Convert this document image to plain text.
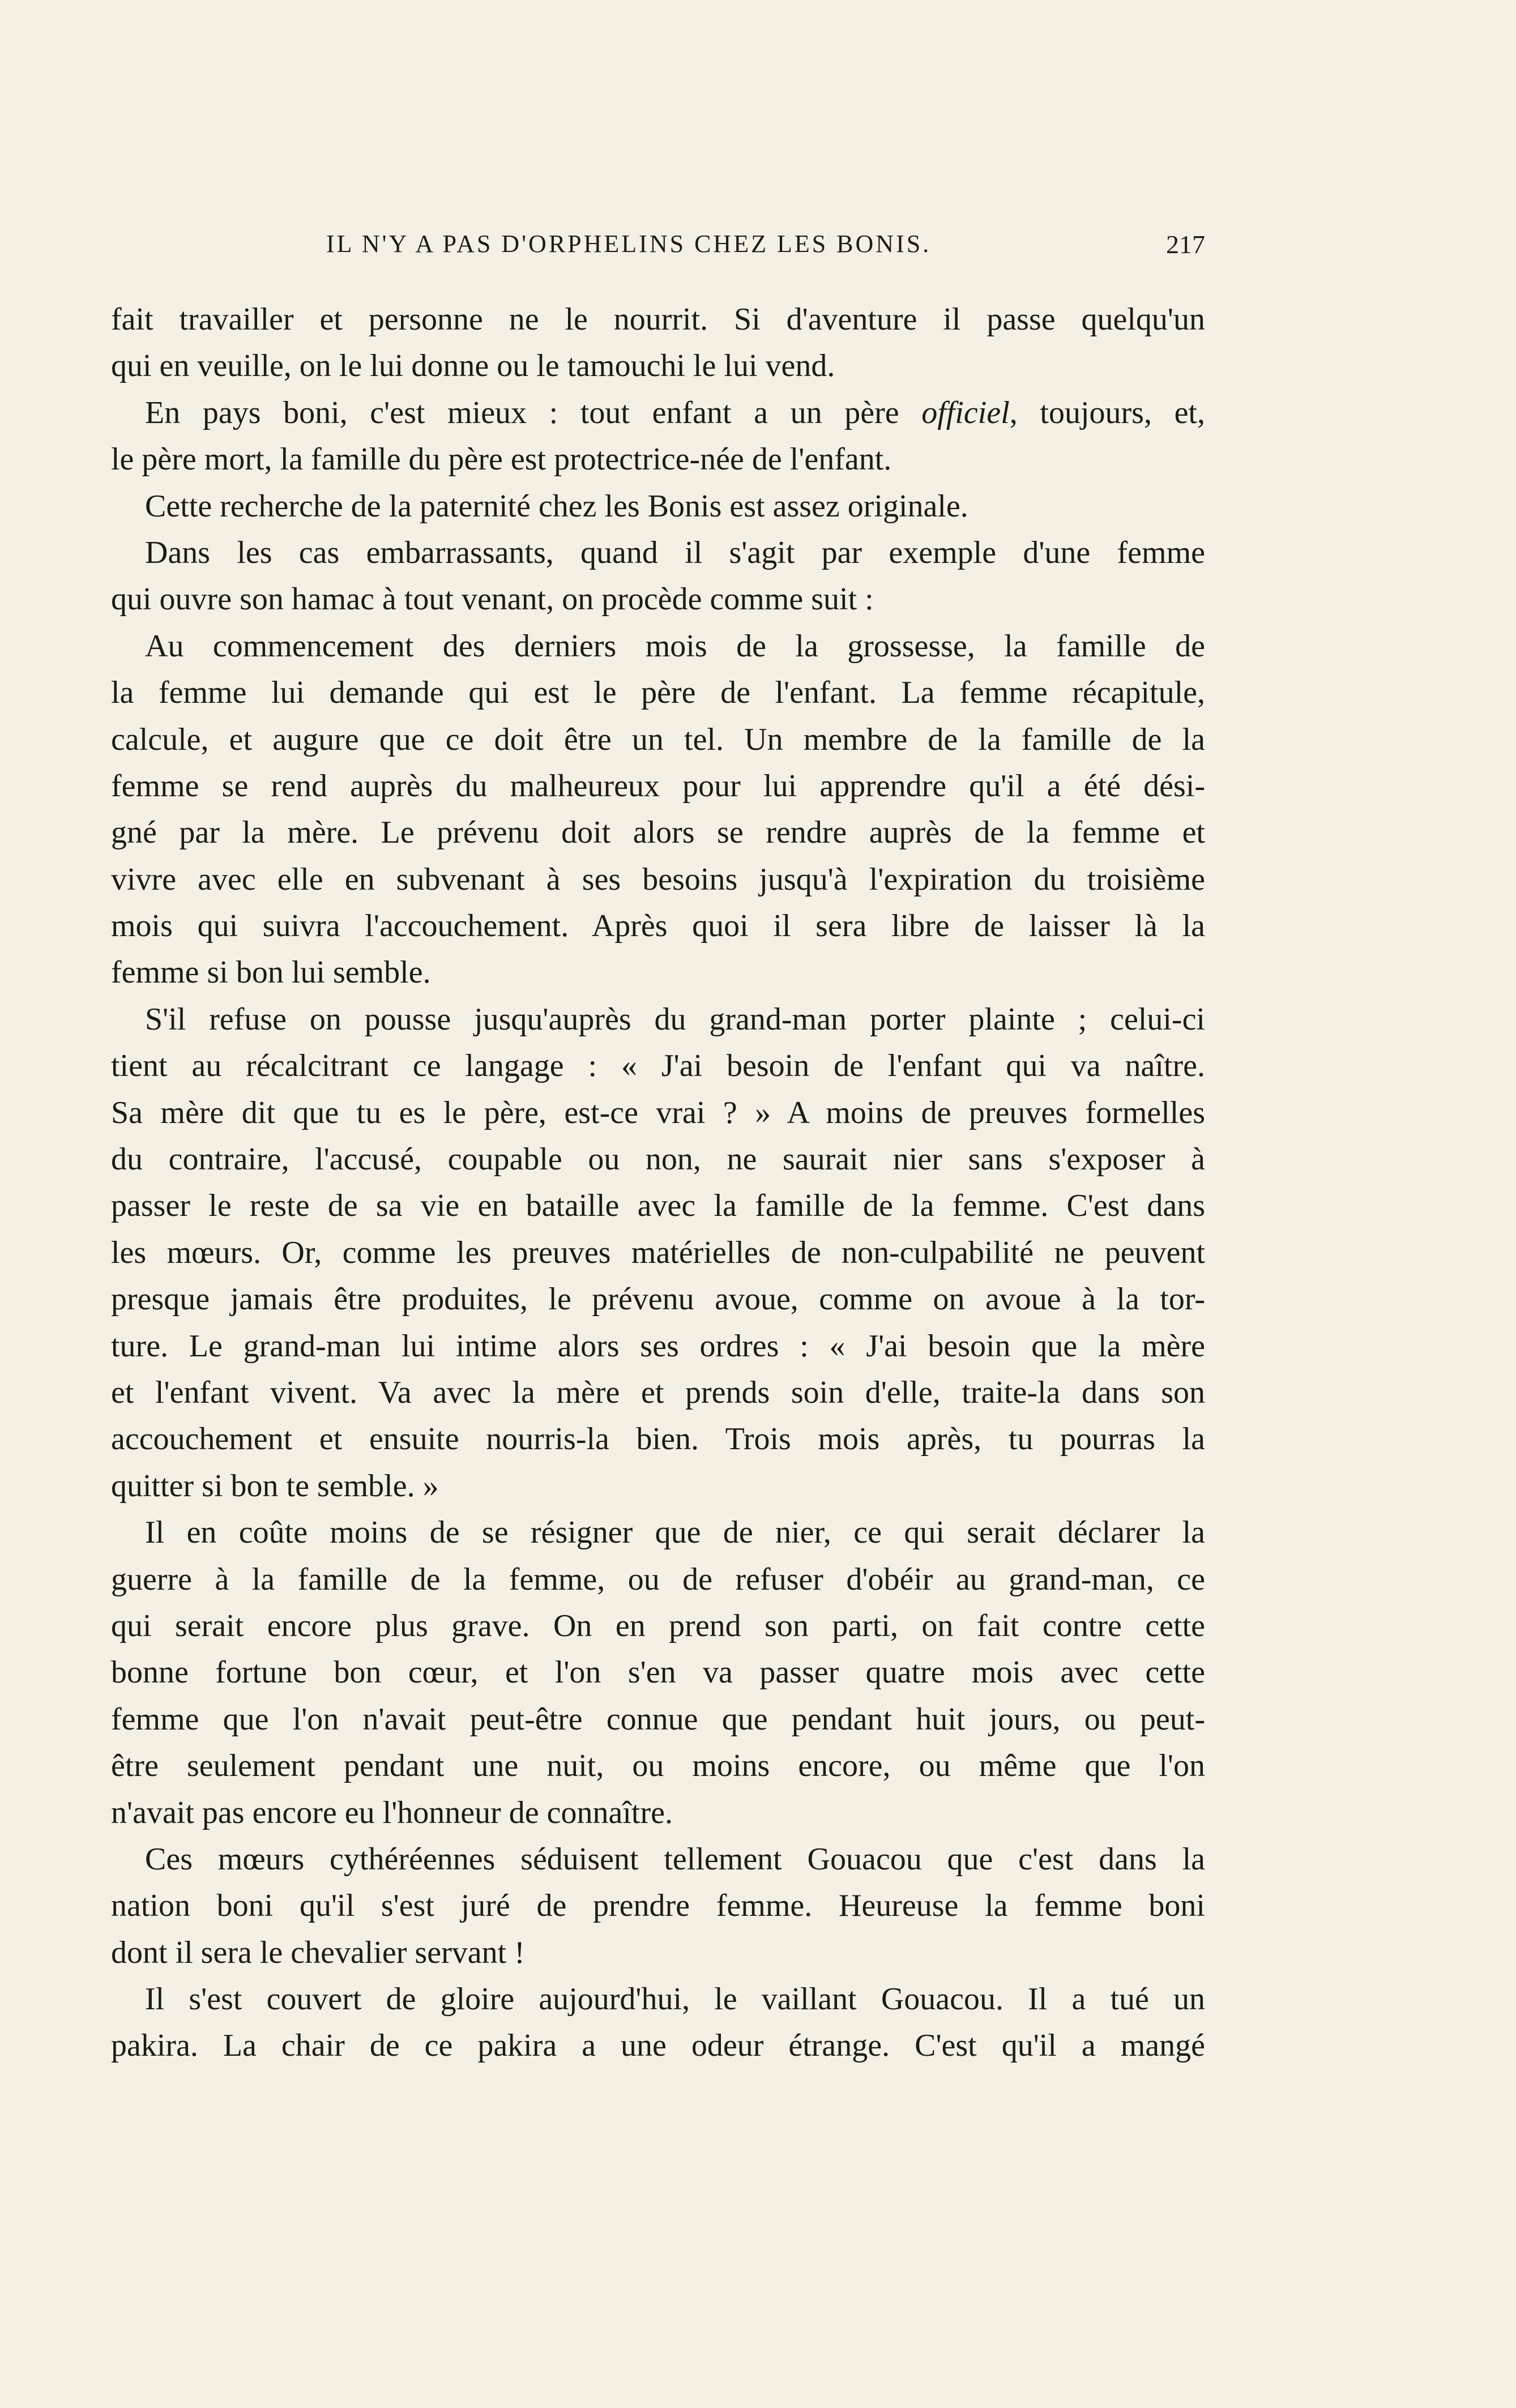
IL N'Y A PAS D'ORPHELINS CHEZ LES BONIS.	217
fait travailler et personne ne le nourrit. Si d'aventure il passe quelqu'un
qui en veuille, on le lui donne ou le tamouchi le lui vend.
En pays boni, c'est mieux : tout enfant a un père officiel, toujours, et,
le père mort, la famille du père est protectrice-née de l'enfant.
Cette recherche de la paternité chez les Bonis est assez originale.
Dans les cas embarrassants, quand il s'agit par exemple d'une femme
qui ouvre son hamac à tout venant, on procède comme suit :
Au commencement des derniers mois de la grossesse, la famille de
la femme lui demande qui est le père de l'enfant. La femme récapitule,
calcule, et augure que ce doit être un tel. Un membre de la famille de la
femme se rend auprès du malheureux pour lui apprendre qu'il a été dési-
gné par la mère. Le prévenu doit alors se rendre auprès de la femme et
vivre avec elle en subvenant à ses besoins jusqu'à l'expiration du troisième
mois qui suivra l'accouchement. Après quoi il sera libre de laisser là la
femme si bon lui semble.
S'il refuse on pousse jusqu'auprès du grand-man porter plainte ; celui-ci
tient au récalcitrant ce langage : « J'ai besoin de l'enfant qui va naître.
Sa mère dit que tu es le père, est-ce vrai ? » A moins de preuves formelles
du contraire, l'accusé, coupable ou non, ne saurait nier sans s'exposer à
passer le reste de sa vie en bataille avec la famille de la femme. C'est dans
les mœurs. Or, comme les preuves matérielles de non-culpabilité ne peuvent
presque jamais être produites, le prévenu avoue, comme on avoue à la tor-
ture. Le grand-man lui intime alors ses ordres : « J'ai besoin que la mère
et l'enfant vivent. Va avec la mère et prends soin d'elle, traite-la dans son
accouchement et ensuite nourris-la bien. Trois mois après, tu pourras la
quitter si bon te semble. »
Il en coûte moins de se résigner que de nier, ce qui serait déclarer la
guerre à la famille de la femme, ou de refuser d'obéir au grand-man, ce
qui serait encore plus grave. On en prend son parti, on fait contre cette
bonne fortune bon cœur, et l'on s'en va passer quatre mois avec cette
femme que l'on n'avait peut-être connue que pendant huit jours, ou peut-
être seulement pendant une nuit, ou moins encore, ou même que l'on
n'avait pas encore eu l'honneur de connaître.
Ces mœurs cythéréennes séduisent tellement Gouacou que c'est dans la
nation boni qu'il s'est juré de prendre femme. Heureuse la femme boni
dont il sera le chevalier servant !
Il s'est couvert de gloire aujourd'hui, le vaillant Gouacou. Il a tué un
pakira. La chair de ce pakira a une odeur étrange. C'est qu'il a mangé
